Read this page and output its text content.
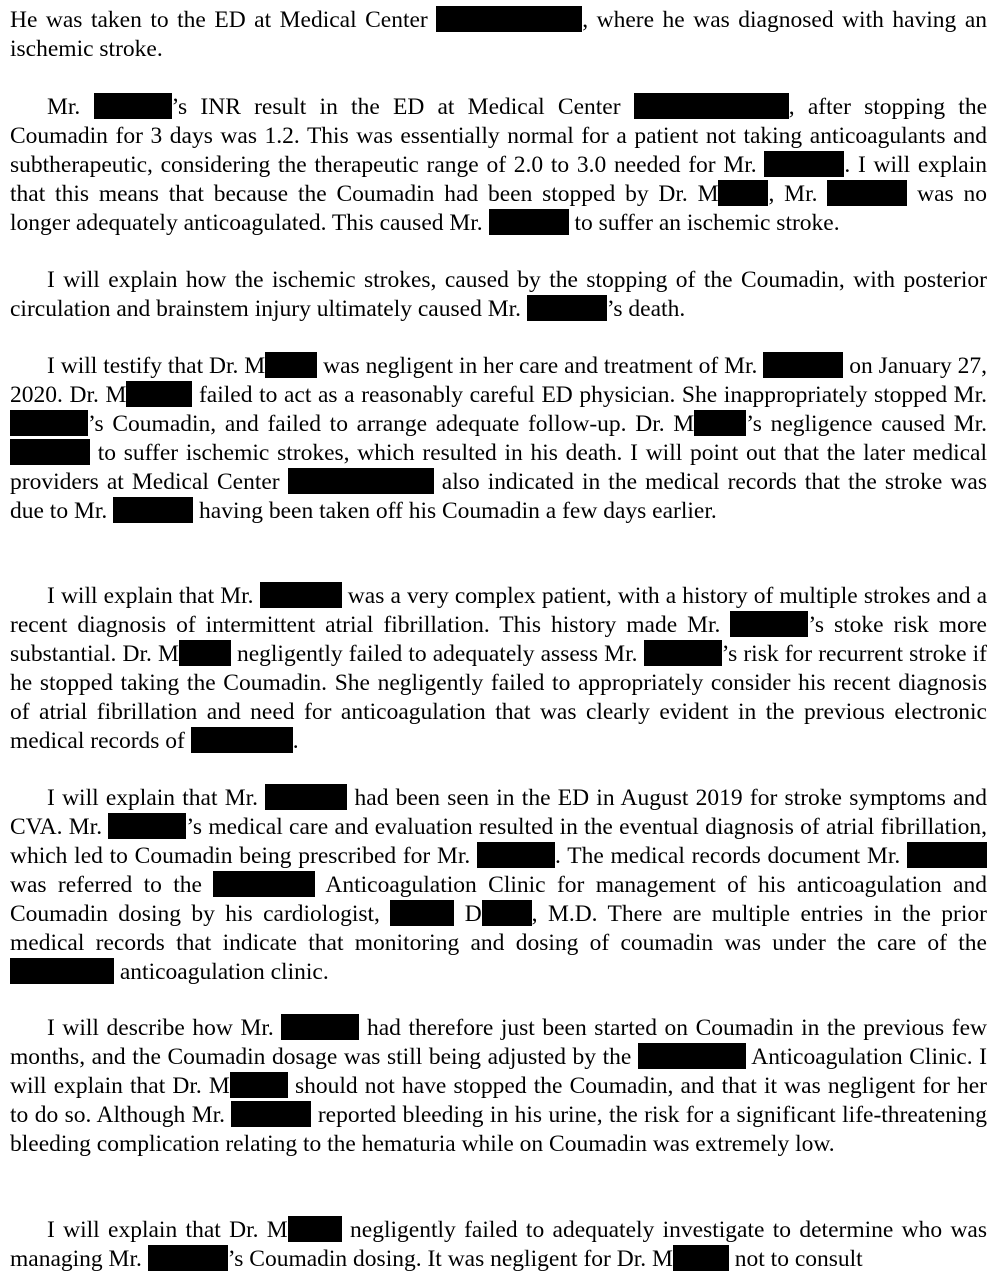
He was taken to the ED at Medical Center	, where he was diagnosed with having an ischemic stroke.

Mr.	’s INR result in the ED at Medical Center	, after stopping the Coumadin for 3 days was 1.2. This was essentially normal for a patient not taking anticoagulants and subtherapeutic, considering the therapeutic range of 2.0 to 3.0 needed for Mr.	. I will explain that this means that because the Coumadin had been stopped by Dr. M , Mr.	was no longer adequately anticoagulated. This caused Mr.	to suffer an ischemic stroke.

I will explain how the ischemic strokes, caused by the stopping of the Coumadin, with posterior circulation and brainstem injury ultimately caused Mr.	’s death.

I will testify that Dr. M was negligent in her care and treatment of Mr.	on January 27, 2020. Dr. M	failed to act as a reasonably careful ED physician. She inappropriately stopped Mr. ’s Coumadin, and failed to arrange adequate follow-up. Dr. M ’s negligence caused Mr.  to suffer ischemic strokes, which resulted in his death. I will point out that the later medical providers at Medical Center	also indicated in the medical records that the stroke was due to Mr.	having been taken off his Coumadin a few days earlier.

I will explain that Mr.	was a very complex patient, with a history of multiple strokes and a recent diagnosis of intermittent atrial fibrillation. This history made Mr.	’s stoke risk more substantial. Dr. M negligently failed to adequately assess Mr.	’s risk for recurrent stroke if he stopped taking the Coumadin. She negligently failed to appropriately consider his recent diagnosis of atrial fibrillation and need for anticoagulation that was clearly evident in the previous electronic medical records of	.

I will explain that Mr.	had been seen in the ED in August 2019 for stroke symptoms and CVA. Mr.	’s medical care and evaluation resulted in the eventual diagnosis of atrial fibrillation, which led to Coumadin being prescribed for Mr.	. The medical records document Mr.  was referred to the	Anticoagulation Clinic for management of his anticoagulation and Coumadin dosing by his cardiologist,	D , M.D. There are multiple entries in the prior medical records that indicate that monitoring and dosing of coumadin was under the care of the  anticoagulation clinic.

I will describe how Mr.	had therefore just been started on Coumadin in the previous few months, and the Coumadin dosage was still being adjusted by the	Anticoagulation Clinic. I will explain that Dr. M should not have stopped the Coumadin, and that it was negligent for her to do so. Although Mr.	reported bleeding in his urine, the risk for a significant life-threatening bleeding complication relating to the hematuria while on Coumadin was extremely low.

I will explain that Dr. M negligently failed to adequately investigate to determine who was managing Mr.	’s Coumadin dosing. It was negligent for Dr. M not to consult
